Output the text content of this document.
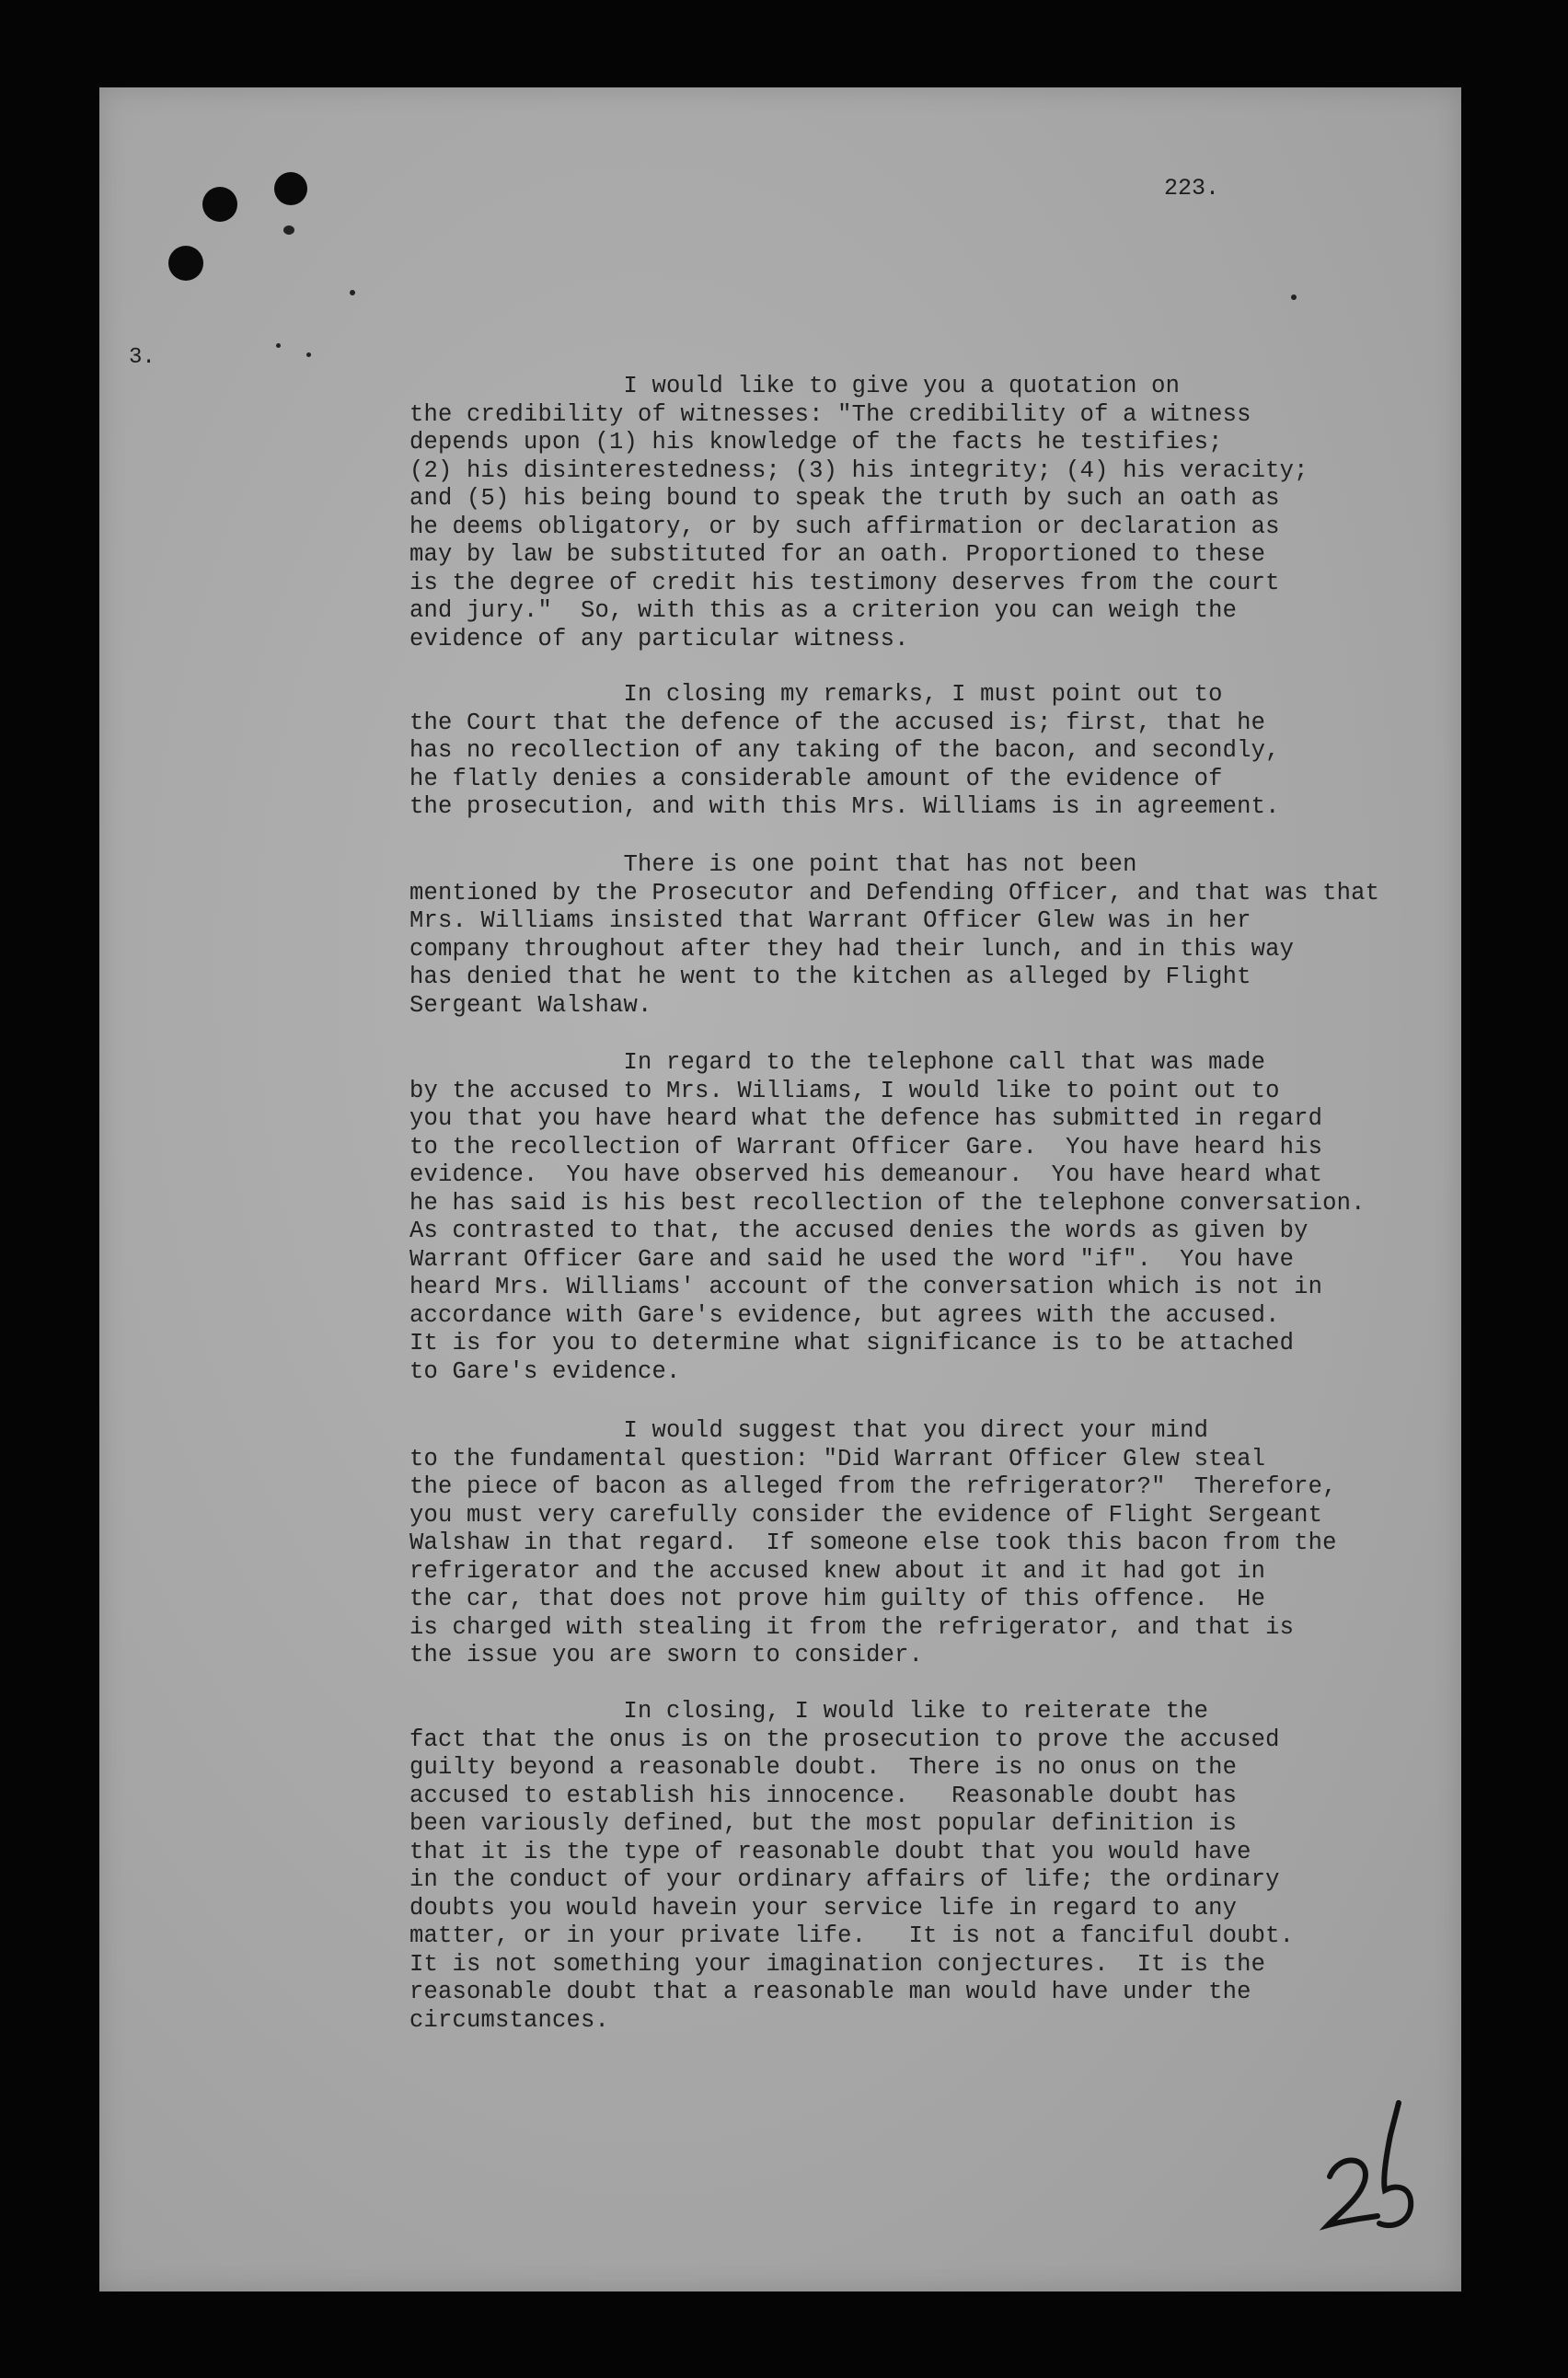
223.
3.
I would like to give you a quotation on
the credibility of witnesses: "The credibility of a witness
depends upon (1) his knowledge of the facts he testifies;
(2) his disinterestedness; (3) his integrity; (4) his veracity;
and (5) his being bound to speak the truth by such an oath as
he deems obligatory, or by such affirmation or declaration as
may by law be substituted for an oath. Proportioned to these
is the degree of credit his testimony deserves from the court
and jury."  So, with this as a criterion you can weigh the
evidence of any particular witness.
In closing my remarks, I must point out to
the Court that the defence of the accused is; first, that he
has no recollection of any taking of the bacon, and secondly,
he flatly denies a considerable amount of the evidence of
the prosecution, and with this Mrs. Williams is in agreement.
There is one point that has not been
mentioned by the Prosecutor and Defending Officer, and that was that
Mrs. Williams insisted that Warrant Officer Glew was in her
company throughout after they had their lunch, and in this way
has denied that he went to the kitchen as alleged by Flight
Sergeant Walshaw.
In regard to the telephone call that was made
by the accused to Mrs. Williams, I would like to point out to
you that you have heard what the defence has submitted in regard
to the recollection of Warrant Officer Gare.  You have heard his
evidence.  You have observed his demeanour.  You have heard what
he has said is his best recollection of the telephone conversation.
As contrasted to that, the accused denies the words as given by
Warrant Officer Gare and said he used the word "if".  You have
heard Mrs. Williams' account of the conversation which is not in
accordance with Gare's evidence, but agrees with the accused.
It is for you to determine what significance is to be attached
to Gare's evidence.
I would suggest that you direct your mind
to the fundamental question: "Did Warrant Officer Glew steal
the piece of bacon as alleged from the refrigerator?"  Therefore,
you must very carefully consider the evidence of Flight Sergeant
Walshaw in that regard.  If someone else took this bacon from the
refrigerator and the accused knew about it and it had got in
the car, that does not prove him guilty of this offence.  He
is charged with stealing it from the refrigerator, and that is
the issue you are sworn to consider.
In closing, I would like to reiterate the
fact that the onus is on the prosecution to prove the accused
guilty beyond a reasonable doubt.  There is no onus on the
accused to establish his innocence.   Reasonable doubt has
been variously defined, but the most popular definition is
that it is the type of reasonable doubt that you would have
in the conduct of your ordinary affairs of life; the ordinary
doubts you would havein your service life in regard to any
matter, or in your private life.   It is not a fanciful doubt.
It is not something your imagination conjectures.  It is the
reasonable doubt that a reasonable man would have under the
circumstances.
